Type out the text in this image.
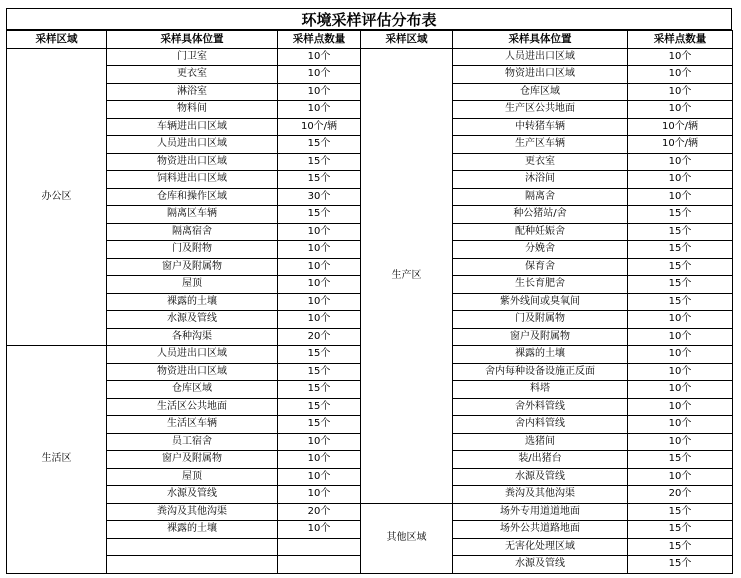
环境采样评估分布表
采样区域	采样具体位置	采样点数量	采样区域	采样具体位置	采样点数量
办公区	门卫室	10个	生产区	人员进出口区域	10个
	更衣室	10个		物资进出口区域	10个
	淋浴室	10个		仓库区域	10个
	物料间	10个		生产区公共地面	10个
	车辆进出口区域	10个/辆		中转猪车辆	10个/辆
	人员进出口区域	15个		生产区车辆	10个/辆
	物资进出口区域	15个		更衣室	10个
	饲料进出口区域	15个		沐浴间	10个
	仓库和操作区域	30个		隔离舍	10个
	隔离区车辆	15个		种公猪站/舍	15个
	隔离宿舍	10个		配种妊娠舍	15个
	门及附物	10个		分娩舍	15个
	窗户及附属物	10个		保育舍	15个
	屋顶	10个		生长育肥舍	15个
	裸露的土壤	10个		紫外线间或臭氧间	15个
	水源及管线	10个		门及附属物	10个
	各种沟渠	20个		窗户及附属物	10个
生活区	人员进出口区域	15个		裸露的土壤	10个
	物资进出口区域	15个		舍内每种设备设施正反面	10个
	仓库区域	15个		料塔	10个
	生活区公共地面	15个		舍外料管线	10个
	生活区车辆	15个		舍内料管线	10个
	员工宿舍	10个		选猪间	10个
	窗户及附属物	10个		装/出猪台	15个
	屋顶	10个		水源及管线	10个
	水源及管线	10个		粪沟及其他沟渠	20个
	粪沟及其他沟渠	20个	其他区域	场外专用道道地面	15个
	裸露的土壤	10个		场外公共道路地面	15个
				无害化处理区域	15个
				水源及管线	15个
